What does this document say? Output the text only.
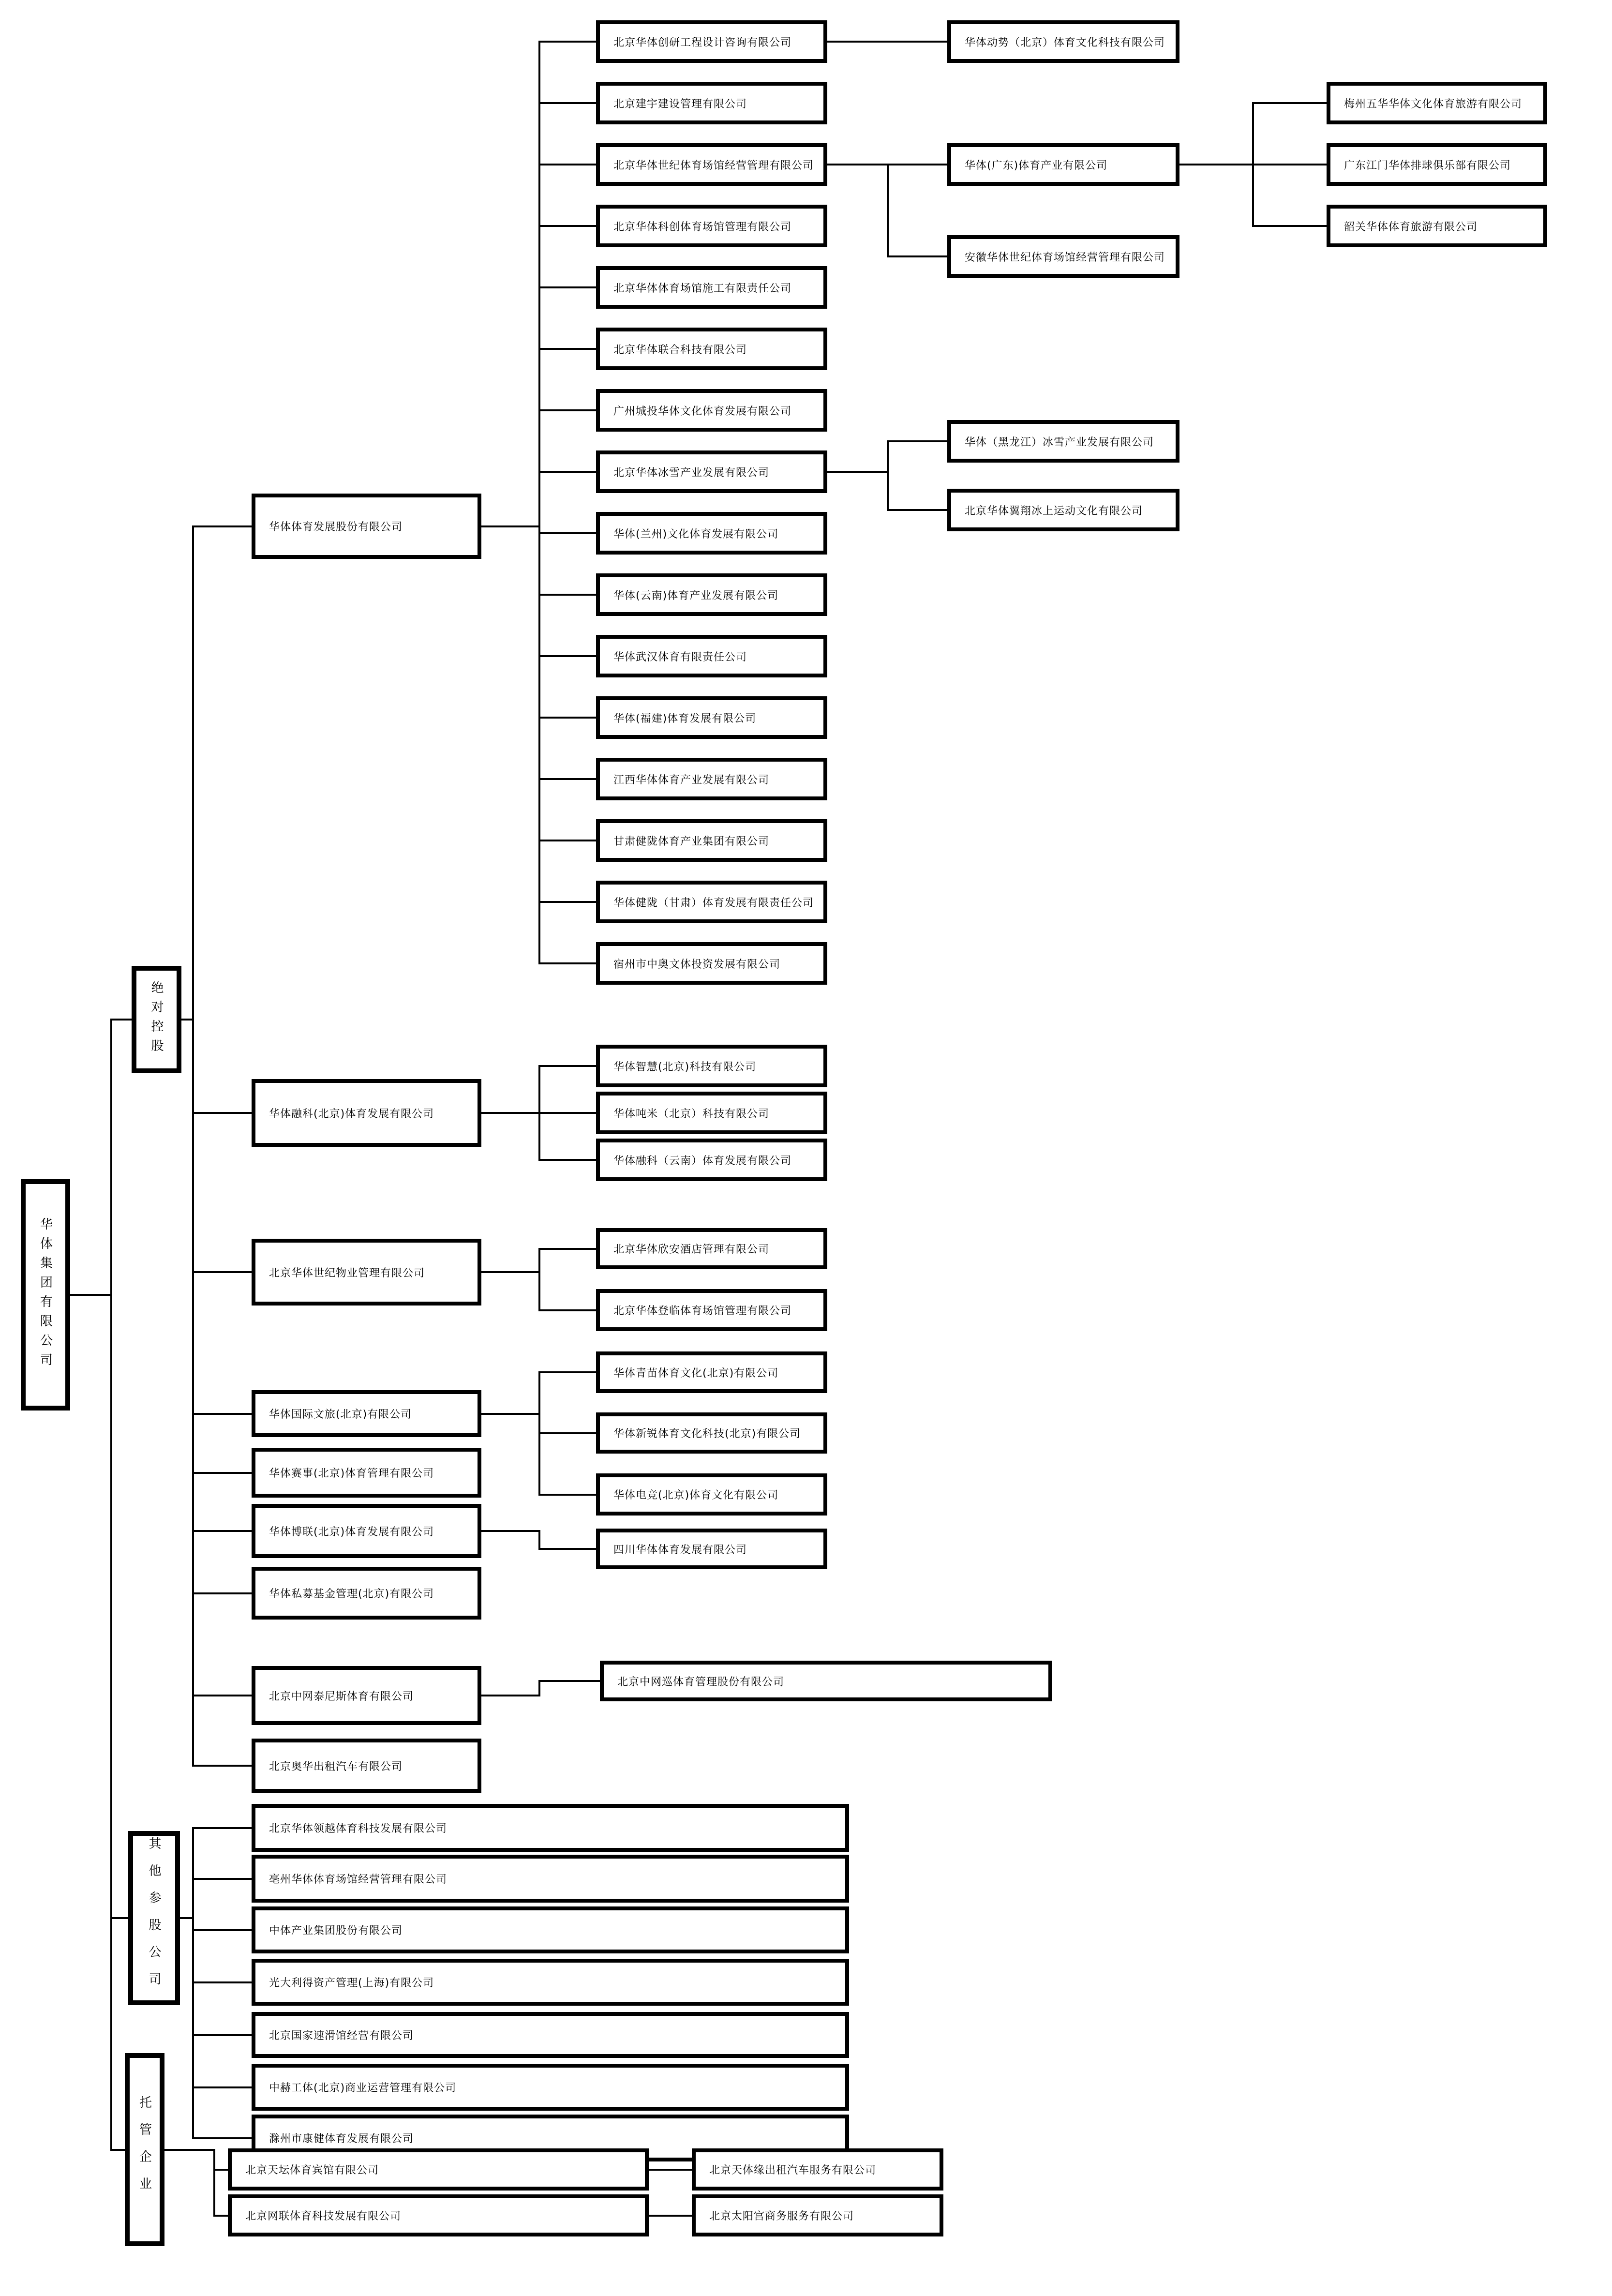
华体集团有限公司
绝对控股
其他参股公司
托管企业
华体体育发展股份有限公司
华体融科(北京)体育发展有限公司
北京华体世纪物业管理有限公司
华体国际文旅(北京)有限公司
华体赛事(北京)体育管理有限公司
华体博联(北京)体育发展有限公司
华体私募基金管理(北京)有限公司
北京中网泰尼斯体育有限公司
北京奥华出租汽车有限公司
北京华体创研工程设计咨询有限公司
北京建宇建设管理有限公司
北京华体世纪体育场馆经营管理有限公司
北京华体科创体育场馆管理有限公司
北京华体体育场馆施工有限责任公司
北京华体联合科技有限公司
广州城投华体文化体育发展有限公司
北京华体冰雪产业发展有限公司
华体(兰州)文化体育发展有限公司
华体(云南)体育产业发展有限公司
华体武汉体育有限责任公司
华体(福建)体育发展有限公司
江西华体体育产业发展有限公司
甘肃健陇体育产业集团有限公司
华体健陇（甘肃）体育发展有限责任公司
宿州市中奥文体投资发展有限公司
华体智慧(北京)科技有限公司
华体吨米（北京）科技有限公司
华体融科（云南）体育发展有限公司
北京华体欣安酒店管理有限公司
北京华体登临体育场馆管理有限公司
华体青苗体育文化(北京)有限公司
华体新锐体育文化科技(北京)有限公司
华体电竞(北京)体育文化有限公司
四川华体体育发展有限公司
北京中网巡体育管理股份有限公司
华体动势（北京）体育文化科技有限公司
华体(广东)体育产业有限公司
安徽华体世纪体育场馆经营管理有限公司
华体（黑龙江）冰雪产业发展有限公司
北京华体翼翔冰上运动文化有限公司
梅州五华华体文化体育旅游有限公司
广东江门华体排球俱乐部有限公司
韶关华体体育旅游有限公司
北京华体领越体育科技发展有限公司
亳州华体体育场馆经营管理有限公司
中体产业集团股份有限公司
光大利得资产管理(上海)有限公司
北京国家速滑馆经营有限公司
中赫工体(北京)商业运营管理有限公司
滁州市康健体育发展有限公司
北京天坛体育宾馆有限公司
北京网联体育科技发展有限公司
北京天体缘出租汽车服务有限公司
北京太阳宫商务服务有限公司
